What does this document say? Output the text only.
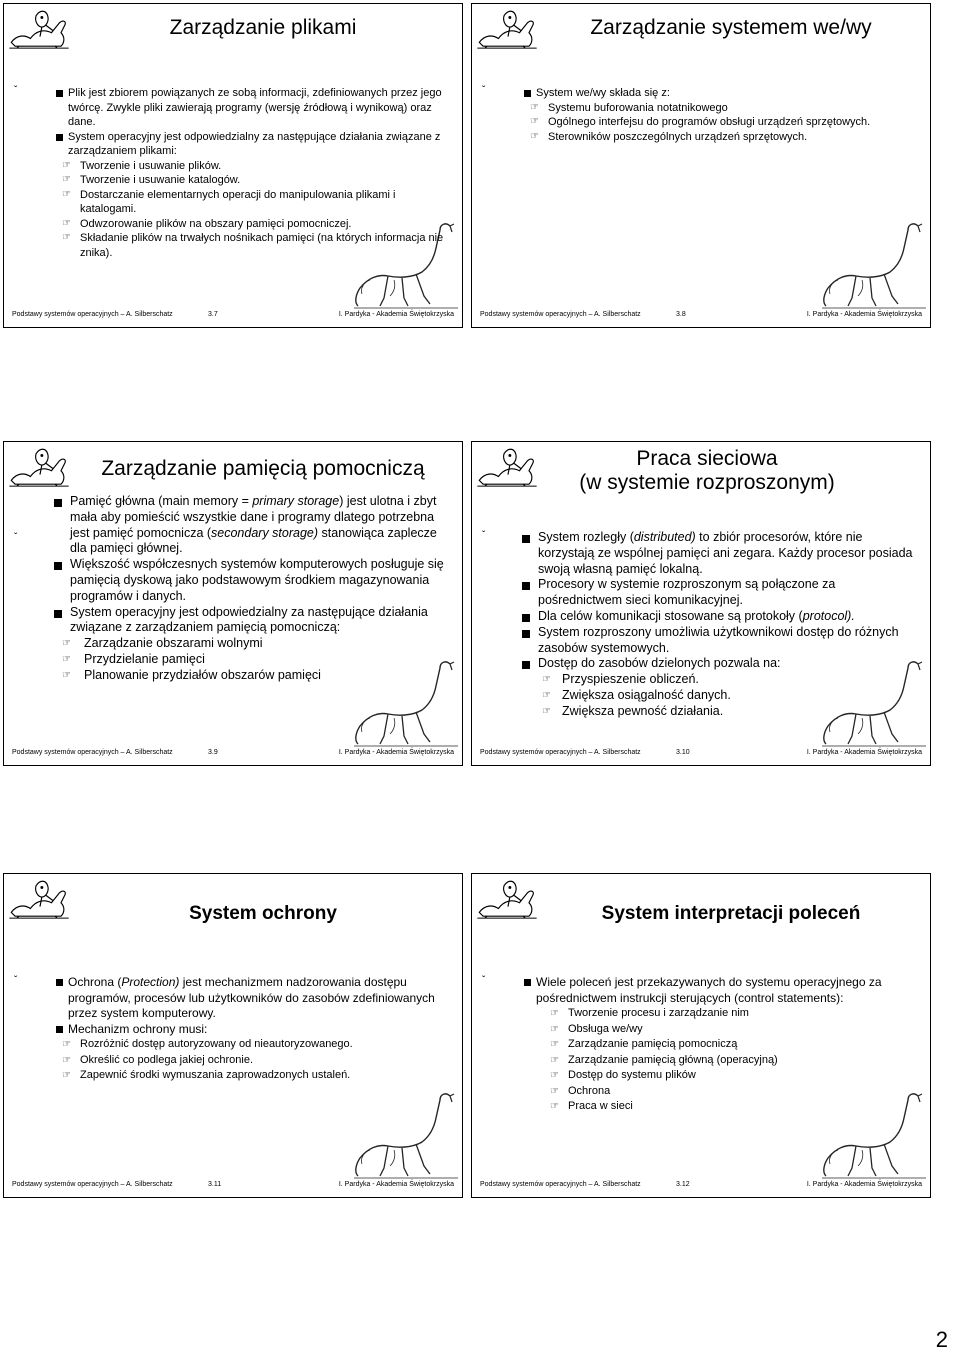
Zarządzanie plikami
ˇ	Plik jest zbiorem powiązanych ze sobą informacji, zdefiniowanych przez jego twórcę. Zwykle pliki zawierają programy (wersję źródłową i wynikową) oraz dane.

System operacyjny jest odpowiedzialny za następujące działania związane z zarządzaniem plikami:

☞ Tworzenie i usuwanie plików.

☞ Tworzenie i usuwanie katalogów.

☞ Dostarczanie elementarnych operacji do manipulowania plikami i katalogami.

☞ Odwzorowanie plików na obszary pamięci pomocniczej.

☞ Składanie plików na trwałych nośnikach pamięci (na których informacja nie znika).

Podstawy systemów operacyjnych – A. Silberschatz	3.7	I. Pardyka - Akademia Świętokrzyska
Zarządzanie systemem we/wy
ˇ	System we/wy składa się z:

☞ Systemu buforowania notatnikowego

☞ Ogólnego interfejsu do programów obsługi urządzeń sprzętowych.

☞ Sterowników poszczególnych urządzeń sprzętowych.

Podstawy systemów operacyjnych – A. Silberschatz	3.8	I. Pardyka - Akademia Świętokrzyska
Zarządzanie pamięcią pomocniczą
ˇ

Pamięć główna (main memory = primary storage) jest ulotna i zbyt mała aby pomieścić wszystkie dane i programy dlatego potrzebna jest pamięć pomocnicza (secondary storage) stanowiąca zaplecze dla pamięci głównej.

Większość współczesnych systemów komputerowych posługuje się pamięcią dyskową jako podstawowym środkiem magazynowania programów i danych.

System operacyjny jest odpowiedzialny za następujące działania związane z zarządzaniem pamięcią pomocniczą:

☞ Zarządzanie obszarami wolnymi

☞ Przydzielanie pamięci

☞ Planowanie przydziałów obszarów pamięci

Podstawy systemów operacyjnych – A. Silberschatz	3.9	I. Pardyka - Akademia Świętokrzyska
Praca sieciowa
(w systemie rozproszonym)
ˇ	System rozległy (distributed) to zbiór procesorów, które nie korzystają ze wspólnej pamięci ani zegara. Każdy procesor posiada swoją własną pamięć lokalną.

Procesory w systemie rozproszonym są połączone za pośrednictwem sieci komunikacyjnej.

Dla celów komunikacji stosowane są protokoły (protocol).

System rozproszony umożliwia użytkownikowi dostęp do różnych zasobów systemowych.

Dostęp do zasobów dzielonych pozwala na:

☞ Przyspieszenie obliczeń.

☞ Zwiększa osiągalność danych.

☞ Zwiększa pewność działania.

Podstawy systemów operacyjnych – A. Silberschatz	3.10	I. Pardyka - Akademia Świętokrzyska
System ochrony
ˇ	Ochrona (Protection) jest mechanizmem nadzorowania dostępu programów, procesów lub użytkowników do zasobów zdefiniowanych przez system komputerowy.

Mechanizm ochrony musi:

☞ Rozróżnić dostęp autoryzowany od nieautoryzowanego.

☞ Określić co podlega jakiej ochronie.

☞ Zapewnić środki wymuszania zaprowadzonych ustaleń.

Podstawy systemów operacyjnych – A. Silberschatz	3.11	I. Pardyka - Akademia Świętokrzyska
System interpretacji poleceń
ˇ	Wiele poleceń jest przekazywanych do systemu operacyjnego za pośrednictwem instrukcji sterujących (control statements):

☞ Tworzenie procesu i zarządzanie nim

☞ Obsługa we/wy

☞ Zarządzanie pamięcią pomocniczą

☞ Zarządzanie pamięcią główną (operacyjną)

☞ Dostęp do systemu plików

☞ Ochrona

☞ Praca w sieci

Podstawy systemów operacyjnych – A. Silberschatz	3.12	I. Pardyka - Akademia Świętokrzyska
2
